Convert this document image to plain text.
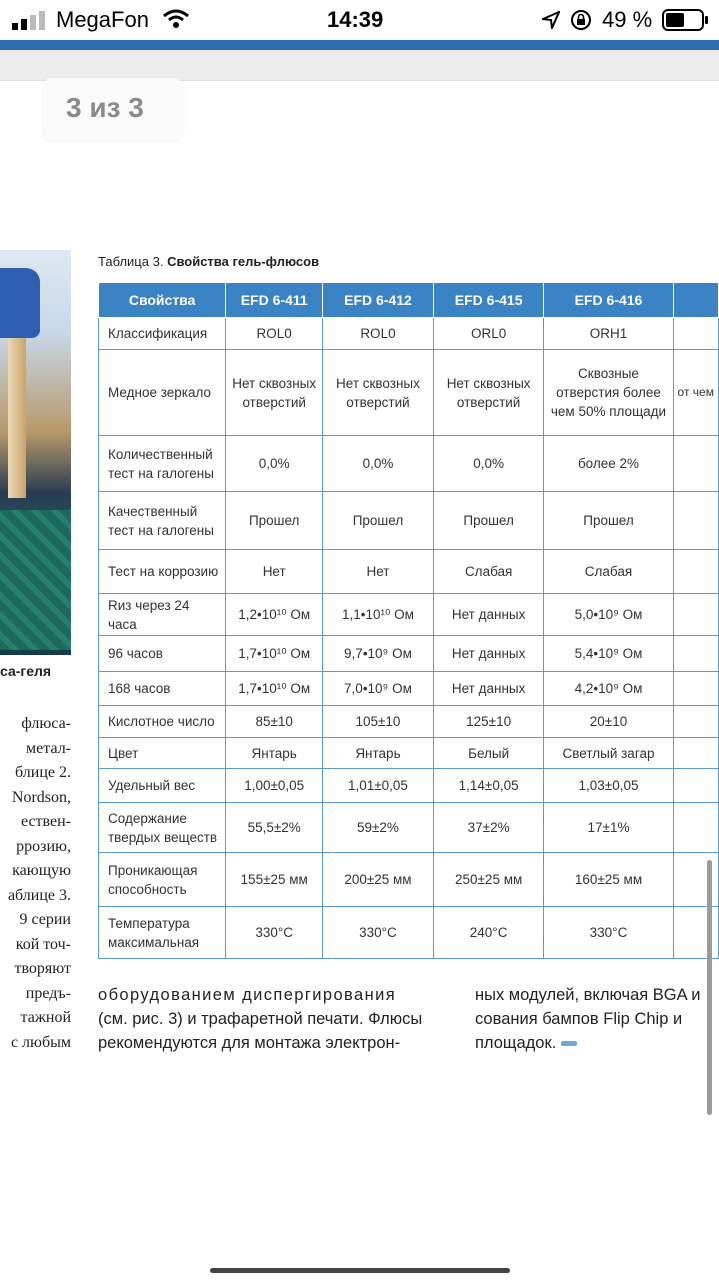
MegaFon	14:39	49 %
3 из 3
са-геля
флюса-
метал-
блице 2.
Nordson,
ествен-
ррозию,
кающую
аблице 3.
9 серии
кой точ-
творяют
предъ-
тажной
с любым
Таблица 3. Свойства гель-флюсов
Свойства	EFD 6-411	EFD 6-412	EFD 6-415	EFD 6-416	
Классификация	ROL0	ROL0	ORL0	ORH1	
Медное зеркало	Нет сквозных отверстий	Нет сквозных отверстий	Нет сквозных отверстий	Сквозные отверстия более чем 50% площади	от чем
Количественный тест на галогены	0,0%	0,0%	0,0%	более 2%	
Качественный тест на галогены	Прошел	Прошел	Прошел	Прошел	
Тест на коррозию	Нет	Нет	Слабая	Слабая	
Rиз через 24 часа	1,2•10¹⁰ Ом	1,1•10¹⁰ Ом	Нет данных	5,0•10⁹ Ом	
96 часов	1,7•10¹⁰ Ом	9,7•10⁹ Ом	Нет данных	5,4•10⁹ Ом	
168 часов	1,7•10¹⁰ Ом	7,0•10⁹ Ом	Нет данных	4,2•10⁹ Ом	
Кислотное число	85±10	105±10	125±10	20±10	
Цвет	Янтарь	Янтарь	Белый	Светлый загар	
Удельный вес	1,00±0,05	1,01±0,05	1,14±0,05	1,03±0,05	
Содержание твердых веществ	55,5±2%	59±2%	37±2%	17±1%	
Проникающая способность	155±25 мм	200±25 мм	250±25 мм	160±25 мм	
Температура максимальная	330°C	330°C	240°C	330°C	
оборудованием диспергирования
(см. рис. 3) и трафаретной печати. Флюсы
рекомендуются для монтажа электрон-
ных модулей, включая BGA и
сования бампов Flip Chip и
площадок.
